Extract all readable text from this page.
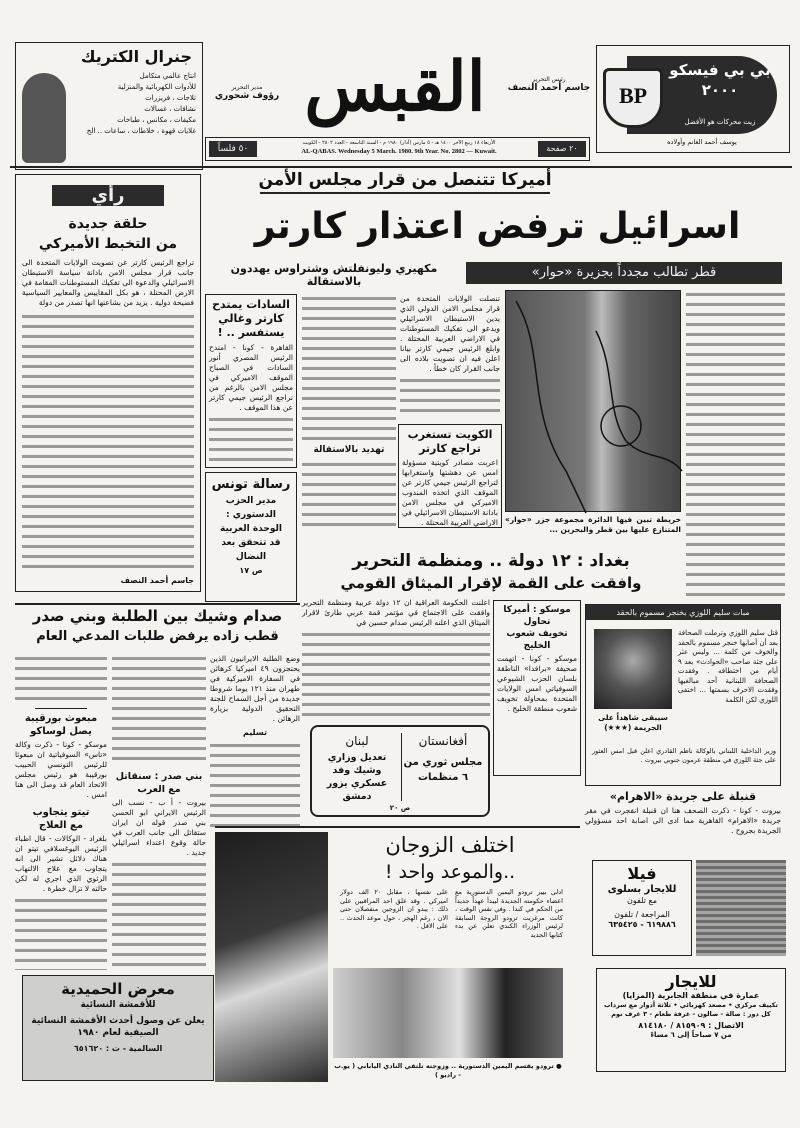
جنرال الكتريك
انتاج عالمي متكامل
للأدوات الكهربائية والمنزلية
ثلاجات ، فريزرات
نشافات ، غسالات
مكيفات ، مكانس ، طباخات
غلايات قهوة ، خلاطات ، ساعات .. الخ
مدير التحرير
رؤوف شحوري القبس	رئيس التحرير
جاسم أحمد النصف
٥٠ فلساً
الأربعاء ١٨ ربيع الآخر ١٤٠٠ هـ - ٥ مارس (آذار) ١٩٨٠ م - السنة التاسعة - العدد ٢٨٠٢ - الكويت
AL-QABAS. Wednesday 5 March. 1980. 9th Year. No. 2802 — Kuwait.	٢٠ صفحة
BP
بي بي فيسكو ٢٠٠٠
زيت محركات هو الأفضل
يوسف أحمد الغانم وأولاده
أميركا تتنصل من قرار مجلس الأمن
اسرائيل ترفض اعتذار كارتر
مكهيري وليونفلتش وشتراوس يهددون بالاستقالة
قطر تطالب مجدداً بجزيرة «حوار»
رأي
حلقة جديدة
من التخبط الأميركي
تراجع الرئيس كارتر عن تصويت الولايات المتحدة الى جانب قرار مجلس الامن بادانة سياسة الاستيطان الاسرائيلي والدعوة الى تفكيك المستوطنات المقامة في الارض المحتلة ، هو بكل المقاييس والمعايير السياسية فضيحة دولية . يزيد من بشاعتها انها تصدر من دولة
جاسم أحمد النصف
السادات يمتدح كارتر وغالي يستفسر .. !
القاهرة - كونا - امتدح الرئيس المصري أنور السادات في الصباح الموقف الاميركي في مجلس الامن بالرغم من تراجع الرئيس جيمي كارتر عن هذا الموقف .
تنصلت الولايات المتحدة من قرار مجلس الامن الدولي الذي يدين الاستيطان الاسرائيلي ويدعو الى تفكيك المستوطنات في الاراضي العربية المحتلة . وابلغ الرئيس جيمي كارتر بيانا اعلن فيه ان تصويت بلاده الى جانب القرار كان خطأ .
تهديد بالاستقالة
الكويت تستغرب
تراجع كارتر
اعربت مصادر كويتية مسؤولة امس عن دهشتها واستغرابها لتراجع الرئيس جيمي كارتر عن الموقف الذي اتخذه المندوب الاميركي في مجلس الامن بادانة الاستيطان الاسرائيلي في الاراضي العربية المحتلة .
رسالة تونس
مدير الحزب
الدستوري :
الوحدة العربية
قد تتحقق بعد
النضال
ص ١٧
خريطة تبين فيها الدائرة مجموعة جزر «حوار» المتنازع عليها بين قطر والبحرين ...
بغداد : ١٢ دولة .. ومنظمة التحرير
وافقت على القمة لإقرار الميثاق القومي
اعلنت الحكومة العراقية ان ١٢ دولة عربية ومنظمة التحرير وافقت على الاجتماع في مؤتمر قمة عربي طارئ لاقرار الميثاق الذي اعلنه الرئيس صدام حسين في
صدام وشيك بين الطلبة وبني صدر
قطب زاده يرفض طلبات المدعي العام
وضع الطلبة الايرانيون الذين يحتجزون ٤٩ اميركيا كرهائن في السفارة الاميركية في طهران منذ ١٢١ يوما شروطا جديدة من أجل السماح للجنة التحقيق الدولية بزيارة الرهائن .
تسليم
بني صدر : سنقاتل
مع العرب
بيروت - أ ب - نسب الى الرئيس الايراني ابو الحسن بني صدر قوله ان ايران ستقاتل الى جانب العرب في حالة وقوع اعتداء اسرائيلي جديد .
مبعوث بورقيبة
يصل لوساكو
موسكو - كونا - ذكرت وكالة «تاس» السوفياتية ان مبعوثا للرئيس التونسي الحبيب بورقيبة هو رئيس مجلس الاتحاد العام قد وصل الى هنا امس .
تيتو يتجاوب
مع العلاج
بلغراد - الوكالات - قال اطباء الرئيس اليوغسلافي تيتو ان هناك دلائل تشير الى انه يتجاوب مع علاج الالتهاب الرئوي الذي اجري له لكن حالته لا تزال خطرة .
أفغانستان
مجلس ثوري من ٦ منظمات
لبنان
تعديل وزاري وشيك وفد عسكري يزور دمشق
ص ٢٠
موسكو : أميركا تحاول
تخويف شعوب الخليج
موسكو - كونا - اتهمت صحيفة «برافدا» الناطقة بلسان الحزب الشيوعي السوفياتي امس الولايات المتحدة بمحاولة تخويف شعوب منطقة الخليج .
مبات سليم اللوزي بخنجر مسموم بالحقد
سيبقى شاهداً على الجريمة (★★★)
قتل سليم اللوزي وترملت الصحافة بعد أن أصابها خنجر مسموم بالحقد والخوف من كلمة ... وليس عثر على جثة صاحب «الحوادث» بعد ٩ أيام من اختطافه . وفقدت الصحافة اللبنانية أحد مبالغيها وفقدت الاحرف بسمتها ... اختفى اللوزي لكن الكلمة
وزير الداخلية اللبناني بالوكالة ناظم القادري اعلن قبل امس العثور على جثة اللوزي في منطقة عرمون جنوبي بيروت .
قنبلة على جريدة «الاهرام»
بيروت - كونا - ذكرت الصحف هنا ان قنبلة انفجرت في مقر جريدة «الاهرام» القاهرية مما ادى الى اصابة احد مسؤولي الجريدة بجروح .
اختلف الزوجان
..والموعد واحد !
ادلى بيير ترودو اليمين الدستورية مع اعضاء حكومته الجديدة ليبدأ عهداً جديداً من الحكم في كندا . وفي نفس الوقت ، كانت مرغريت ترودو الزوجة السابقة لرئيس الوزراء الكندي تعلن عن بدء كتابها الجديد
على نفسها ، مقابل ٢٠ الف دولار اميركي . وقد علق احد المراقبين على ذلك : يبدو ان الزوجين منفصلان حتى الان ، رغم الهجر ، حول موعد الحدث .. على الاقل .
● ترودو يقسم اليمين الدستورية .. وزوجته تلتقي النادي الياباني ( يو.ب - راديو )
فيلا
للايجار بسلوى
مع تلفون
المراجعة / تلفون
٦١٩٨٨٦ - ٦٣٥٤٢٥
للايجار
عمارة في منطقة الجابرية (المزايا)
تكييف مركزي • مصعد كهربائي • ثلاثة أدوار مع سرداب
كل دور : صالة - صالون - غرفة طعام - ٣ غرف نوم
الاتصال : ٨١٥٩٠٩ / ٨١٤١٨٠
من ٧ صباحاً إلى ٦ مساءً
معرض الحميدية
للأقمشة النسائية
يعلن عن وصول أحدث الأقمشة النسائية
الصيفية لعام ١٩٨٠
السالمية - ت : ٦٥١٦٢٠
